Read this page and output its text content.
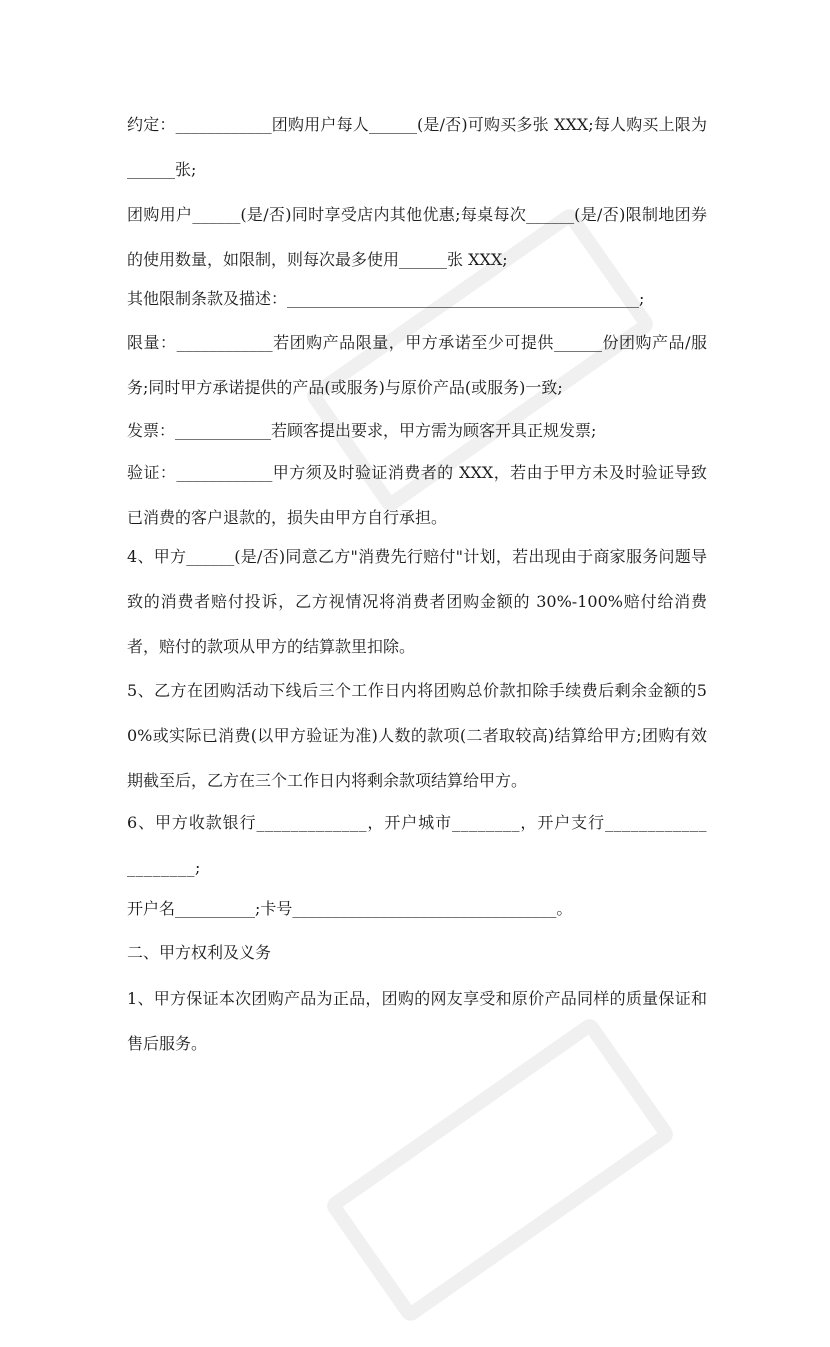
约定：____________团购用户每人______(是/否)可购买多张 XXX;每人购买上限为______张;

团购用户______(是/否)同时享受店内其他优惠;每桌每次______(是/否)限制地团券的使用数量，如限制，则每次最多使用______张 XXX;

其他限制条款及描述：____________________________________________;

限量：____________若团购产品限量，甲方承诺至少可提供______份团购产品/服务;同时甲方承诺提供的产品(或服务)与原价产品(或服务)一致;

发票：____________若顾客提出要求，甲方需为顾客开具正规发票;

验证：____________甲方须及时验证消费者的 XXX，若由于甲方未及时验证导致已消费的客户退款的，损失由甲方自行承担。

4、甲方______(是/否)同意乙方"消费先行赔付"计划，若出现由于商家服务问题导致的消费者赔付投诉，乙方视情况将消费者团购金额的 30%-100%赔付给消费者，赔付的款项从甲方的结算款里扣除。

5、乙方在团购活动下线后三个工作日内将团购总价款扣除手续费后剩余金额的50%或实际已消费(以甲方验证为准)人数的款项(二者取较高)结算给甲方;团购有效期截至后，乙方在三个工作日内将剩余款项结算给甲方。

6、甲方收款银行_____________，开户城市________，开户支行____________________;

开户名__________;卡号_________________________________。

二、甲方权利及义务

1、甲方保证本次团购产品为正品，团购的网友享受和原价产品同样的质量保证和售后服务。
